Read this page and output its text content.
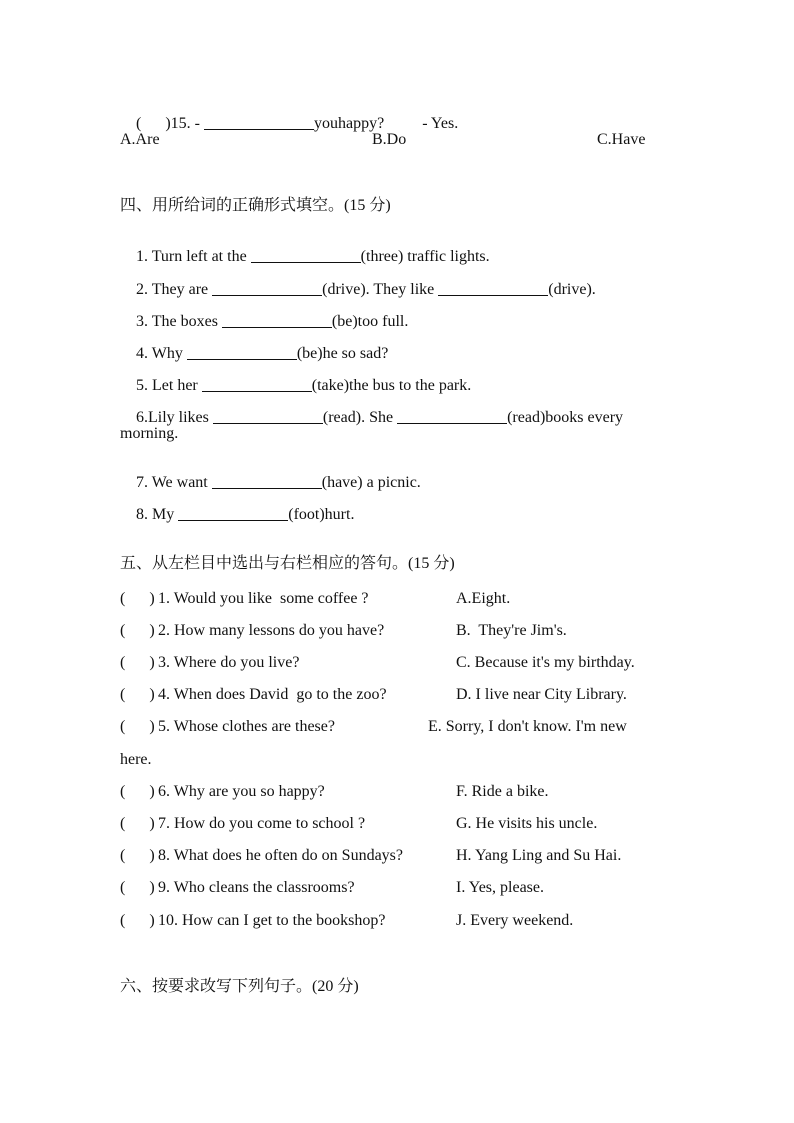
(      )15. -	youhappy? - Yes.

A.Are	B.Do	C.Have
四、用所给词的正确形式填空。(15 分)

1. Turn left at the	(three) traffic lights.

2. They are	(drive). They like	(drive).

3. The boxes	(be)too full.

4. Why	(be)he so sad?

5. Let her	(take)the bus to the park.

6.Lily likes	(read). She	(read)books every

morning.

7. We want	(have) a picnic.

8. My	(foot)hurt.

五、从左栏目中选出与右栏相应的答句。(15 分)
(      ) 1. Would you like  some coffee ?	A.Eight.
(      ) 2. How many lessons do you have?	B.  They're Jim's.
(      ) 3. Where do you live?	C. Because it's my birthday.
(      ) 4. When does David  go to the zoo?	D. I live near City Library.
(      ) 5. Whose clothes are these?	E. Sorry, I don't know. I'm new
here.
(      ) 6. Why are you so happy?	F. Ride a bike.
(      ) 7. How do you come to school ?	G. He visits his uncle.
(      ) 8. What does he often do on Sundays?	H. Yang Ling and Su Hai.
(      ) 9. Who cleans the classrooms?	I. Yes, please.
(      ) 10. How can I get to the bookshop?	J. Every weekend.
六、按要求改写下列句子。(20 分)
